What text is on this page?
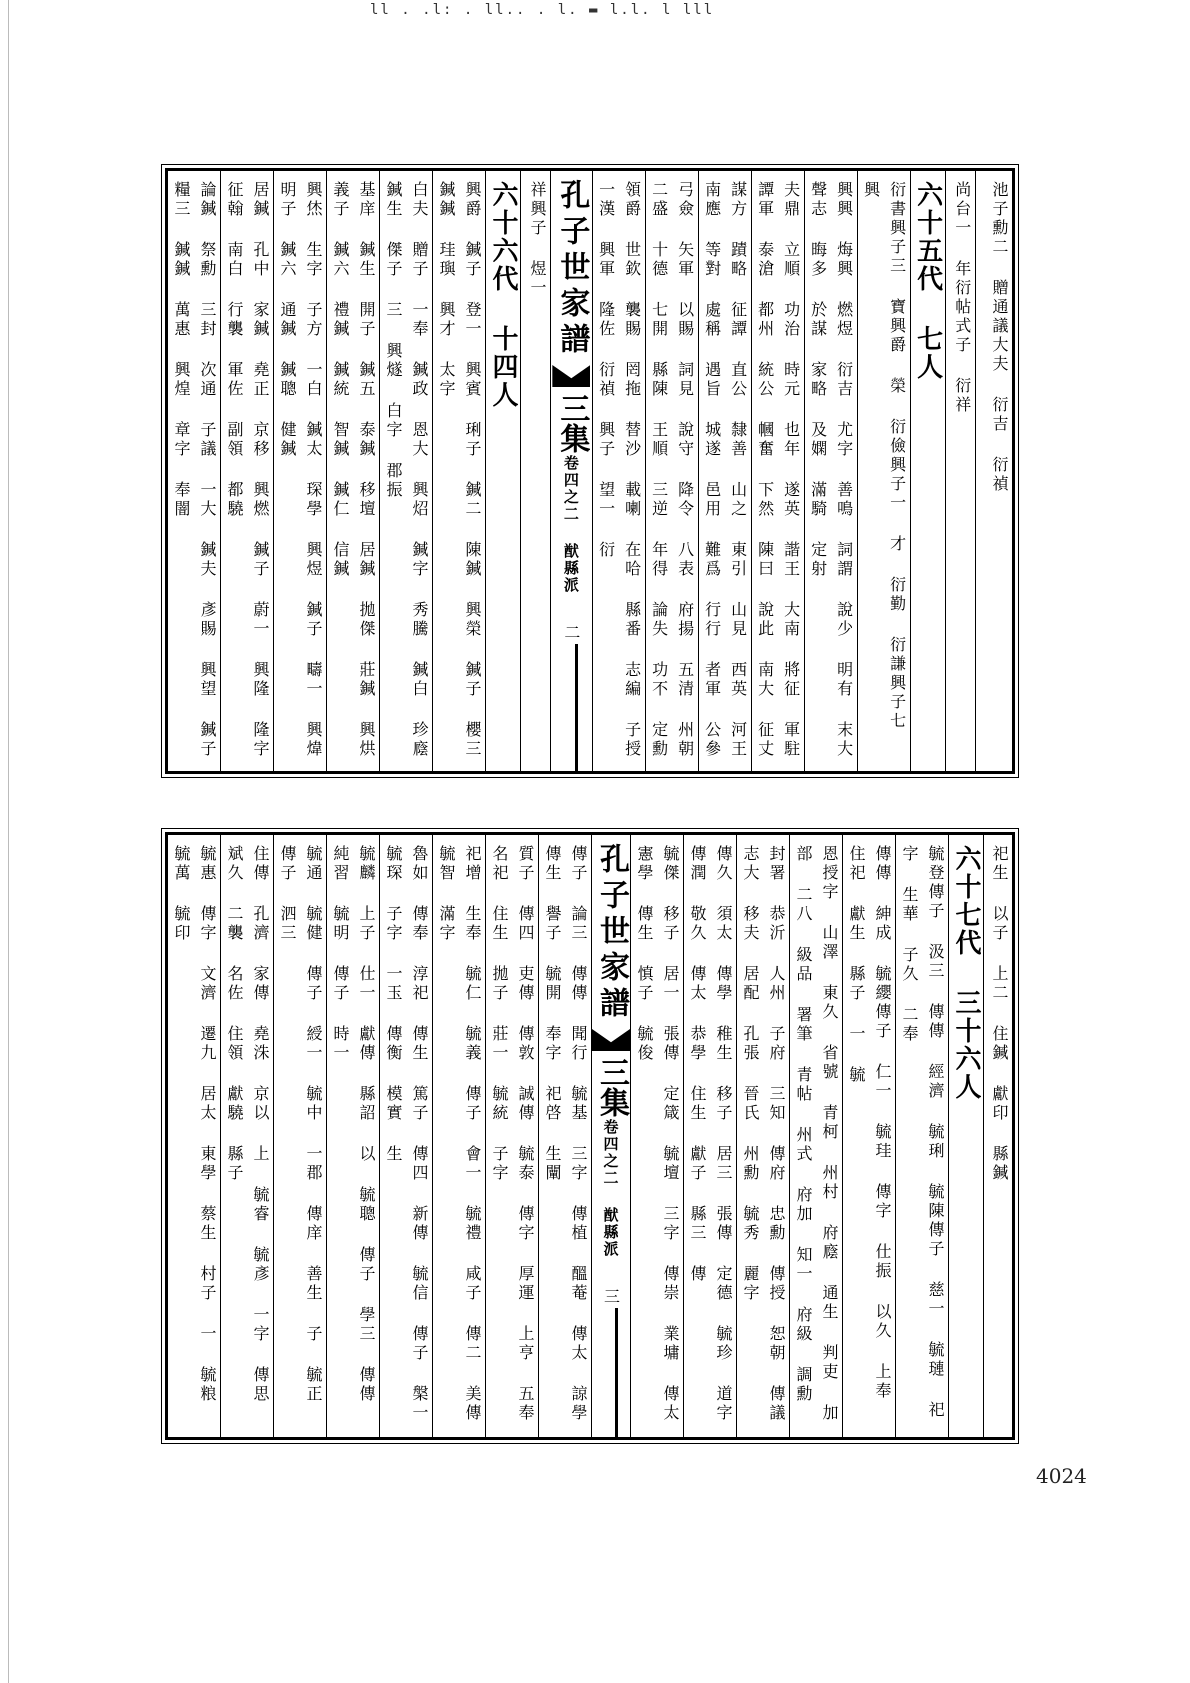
ll . .l: . ll.. . l. ▬ l.l. l lll
池子勳二 贈通議大夫 衍吉 衍禎
尚台一 年衍帖式子 衍祥
六十五代 七人
衍書興子三 寶興爵 榮 衍儉興子一 才 衍勤 衍謙興子七 興
興興 烸興 燃煜 衍吉 尤字 善鳴 詞謂 說少 明有 末大 聲志 晦多 於謀 家略 及嫻 滿騎 定射
夫鼎 立順 功治 時元 也年 遂英 諧王 大南 將征 軍駐 譚軍 泰滄 都州 統公 幗奮 下然 陳曰 說此 南大 征丈
謀方 蹟略 征譚 直公 隸善 山之 東引 山見 西英 河王 南應 等對 處稱 遇旨 城遂 邑用 難爲 行行 者軍 公參
弓僉 矢軍 以賜 詞見 說守 降令 八表 府揚 五清 州朝 二盛 十德 七開 縣陳 王順 三逆 年得 論失 功不 定勳
領爵 世欽 襲賜 罔拖 替沙 載喇 在哈 縣番 志編 子授 一漢 興軍 隆佐 衍禎 興子 望一 衍
孔子世家譜
三集
卷四之二 猷縣派
二
祥興子 煜一
六十六代 十四人
興爵 鍼子 登一 興賓 琍子 鍼二 陳鍼 興榮 鍼子 櫻三 鍼鍼 珪璵 興才 太字
白夫 贈子 一奉 鍼政 恩大 興炤 鍼字 秀騰 鍼白 珍廕 鍼生 傑子 三 興燧 白字 郡振
基庠 鍼生 開子 鍼五 泰鍼 移壇 居鍼 拋傑 莊鍼 興烘 義子 鍼六 禮鍼 鍼統 智鍼 鍼仁 信鍼
興烋 生字 子方 一白 鍼太 琛學 興煜 鍼子 疇一 興煒 明子 鍼六 通鍼 鍼聰 健鍼
居鍼 孔中 家鍼 堯正 京移 興燃 鍼子 蔚一 興隆 隆字 征翰 南白 行襲 軍佐 副領 都驍
論鍼 祭勳 三封 次通 子議 一大 鍼夫 彥賜 興望 鍼子 糧三 鍼鍼 萬惠 興煌 章字 奉闇
祀生 以子 上二 住鍼 獻印 縣鍼
六十七代 三十六人
毓登傳子 汲三 傳傳 經濟 毓琍 毓陳傳子 慈一 毓璉 祀字 生華 子久 二奉
傳傳 紳成 毓纓傳子 仁一 毓珪 傳字 仕振 以久 上奉 住祀 獻生 縣子 一 毓
恩授字 山澤 東久 省號 青柯 州村 府廕 通生 判吏 加部 二八 級品 署筆 青帖 州式 府加 知一 府級 調勳
封署 恭沂 人州 子府 三知 傳府 忠勳 傳授 恕朝 傳議 志大 移夫 居配 孔張 晉氏 州勳 毓秀 麗字
傳久 須太 傳學 稚生 移子 居三 張傳 定德 毓珍 道字 傳潤 敬久 傳太 恭學 住生 獻子 縣三 傳
毓傑 移子 居一 張傳 定箴 毓壇 三字 傳崇 業墉 傳太 憲學 傳生 慎子 毓俊
孔子世家譜
三集
卷四之二 猷縣派
三
傳子 論三 傳傳 聞行 毓基 三字 傳植 醞菴 傳太 諒學 傳生 譽子 毓開 奉字 祀啓 生闡
質子 傳四 吏傳 傳敦 誠傳 毓泰 傳字 厚運 上亨 五奉 名祀 住生 拋子 莊一 毓統 子字
祀增 生奉 毓仁 毓義 傳子 會一 毓禮 咸子 傳二 美傳 毓智 滿字
魯如 傳奉 淳祀 傳生 篤子 傳四 新傳 毓信 傳子 槃一 毓琛 子字 一玉 傳衡 模實 生
毓麟 上子 仕一 獻傳 縣詔 以 毓聰 傳子 學三 傳傳 純習 毓明 傳子 時一
毓通 毓健 傳子 綬一 毓中 一郡 傳庠 善生 子 毓正 傳子 泗三
住傳 孔濟 家傳 堯洙 京以 上 毓睿 毓彥 一字 傳思 斌久 二襲 名佐 住領 獻驍 縣子
毓惠 傳字 文濟 遷九 居太 東學 蔡生 村子 一 毓粮 毓萬 毓印
4024
